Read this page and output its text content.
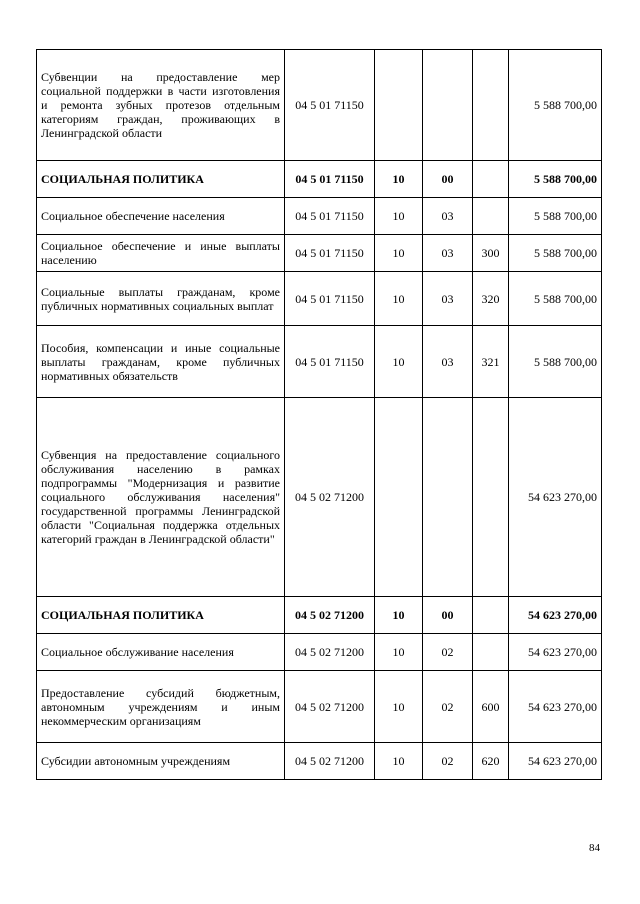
Субвенции на предоставление мер социальной поддержки в части изготовления и ремонта зубных протезов отдельным категориям граждан, проживающих в Ленинградской области	04 5 01 71150				5 588 700,00
СОЦИАЛЬНАЯ ПОЛИТИКА	04 5 01 71150	10	00		5 588 700,00
Социальное обеспечение населения	04 5 01 71150	10	03		5 588 700,00
Социальное обеспечение и иные выплаты населению	04 5 01 71150	10	03	300	5 588 700,00
Социальные выплаты гражданам, кроме публичных нормативных социальных выплат	04 5 01 71150	10	03	320	5 588 700,00
Пособия, компенсации и иные социальные выплаты гражданам, кроме публичных нормативных обязательств	04 5 01 71150	10	03	321	5 588 700,00
Субвенция на предоставление социального обслуживания населению в рамках подпрограммы "Модернизация и развитие социального обслуживания населения" государственной программы Ленинградской области "Социальная поддержка отдельных категорий граждан в Ленинградской области"	04 5 02 71200				54 623 270,00
СОЦИАЛЬНАЯ ПОЛИТИКА	04 5 02 71200	10	00		54 623 270,00
Социальное обслуживание населения	04 5 02 71200	10	02		54 623 270,00
Предоставление субсидий бюджетным, автономным учреждениям и иным некоммерческим организациям	04 5 02 71200	10	02	600	54 623 270,00
Субсидии автономным учреждениям	04 5 02 71200	10	02	620	54 623 270,00
84
